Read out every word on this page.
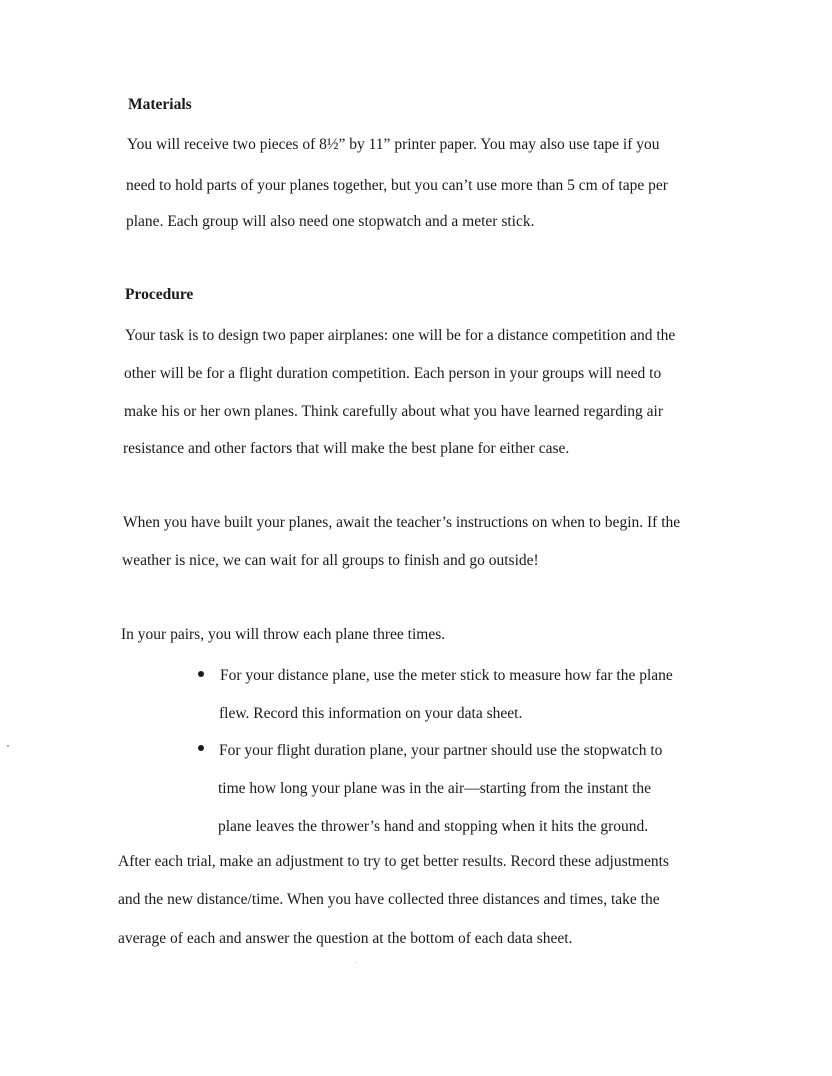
Materials
You will receive two pieces of 8½” by 11” printer paper. You may also use tape if you
need to hold parts of your planes together, but you can’t use more than 5 cm of tape per
plane. Each group will also need one stopwatch and a meter stick.
Procedure
Your task is to design two paper airplanes: one will be for a distance competition and the
other will be for a flight duration competition. Each person in your groups will need to
make his or her own planes. Think carefully about what you have learned regarding air
resistance and other factors that will make the best plane for either case.
When you have built your planes, await the teacher’s instructions on when to begin. If the
weather is nice, we can wait for all groups to finish and go outside!
In your pairs, you will throw each plane three times.
For your distance plane, use the meter stick to measure how far the plane
flew. Record this information on your data sheet.
For your flight duration plane, your partner should use the stopwatch to
time how long your plane was in the air—starting from the instant the
plane leaves the thrower’s hand and stopping when it hits the ground.
After each trial, make an adjustment to try to get better results. Record these adjustments
and the new distance/time. When you have collected three distances and times, take the
average of each and answer the question at the bottom of each data sheet.
